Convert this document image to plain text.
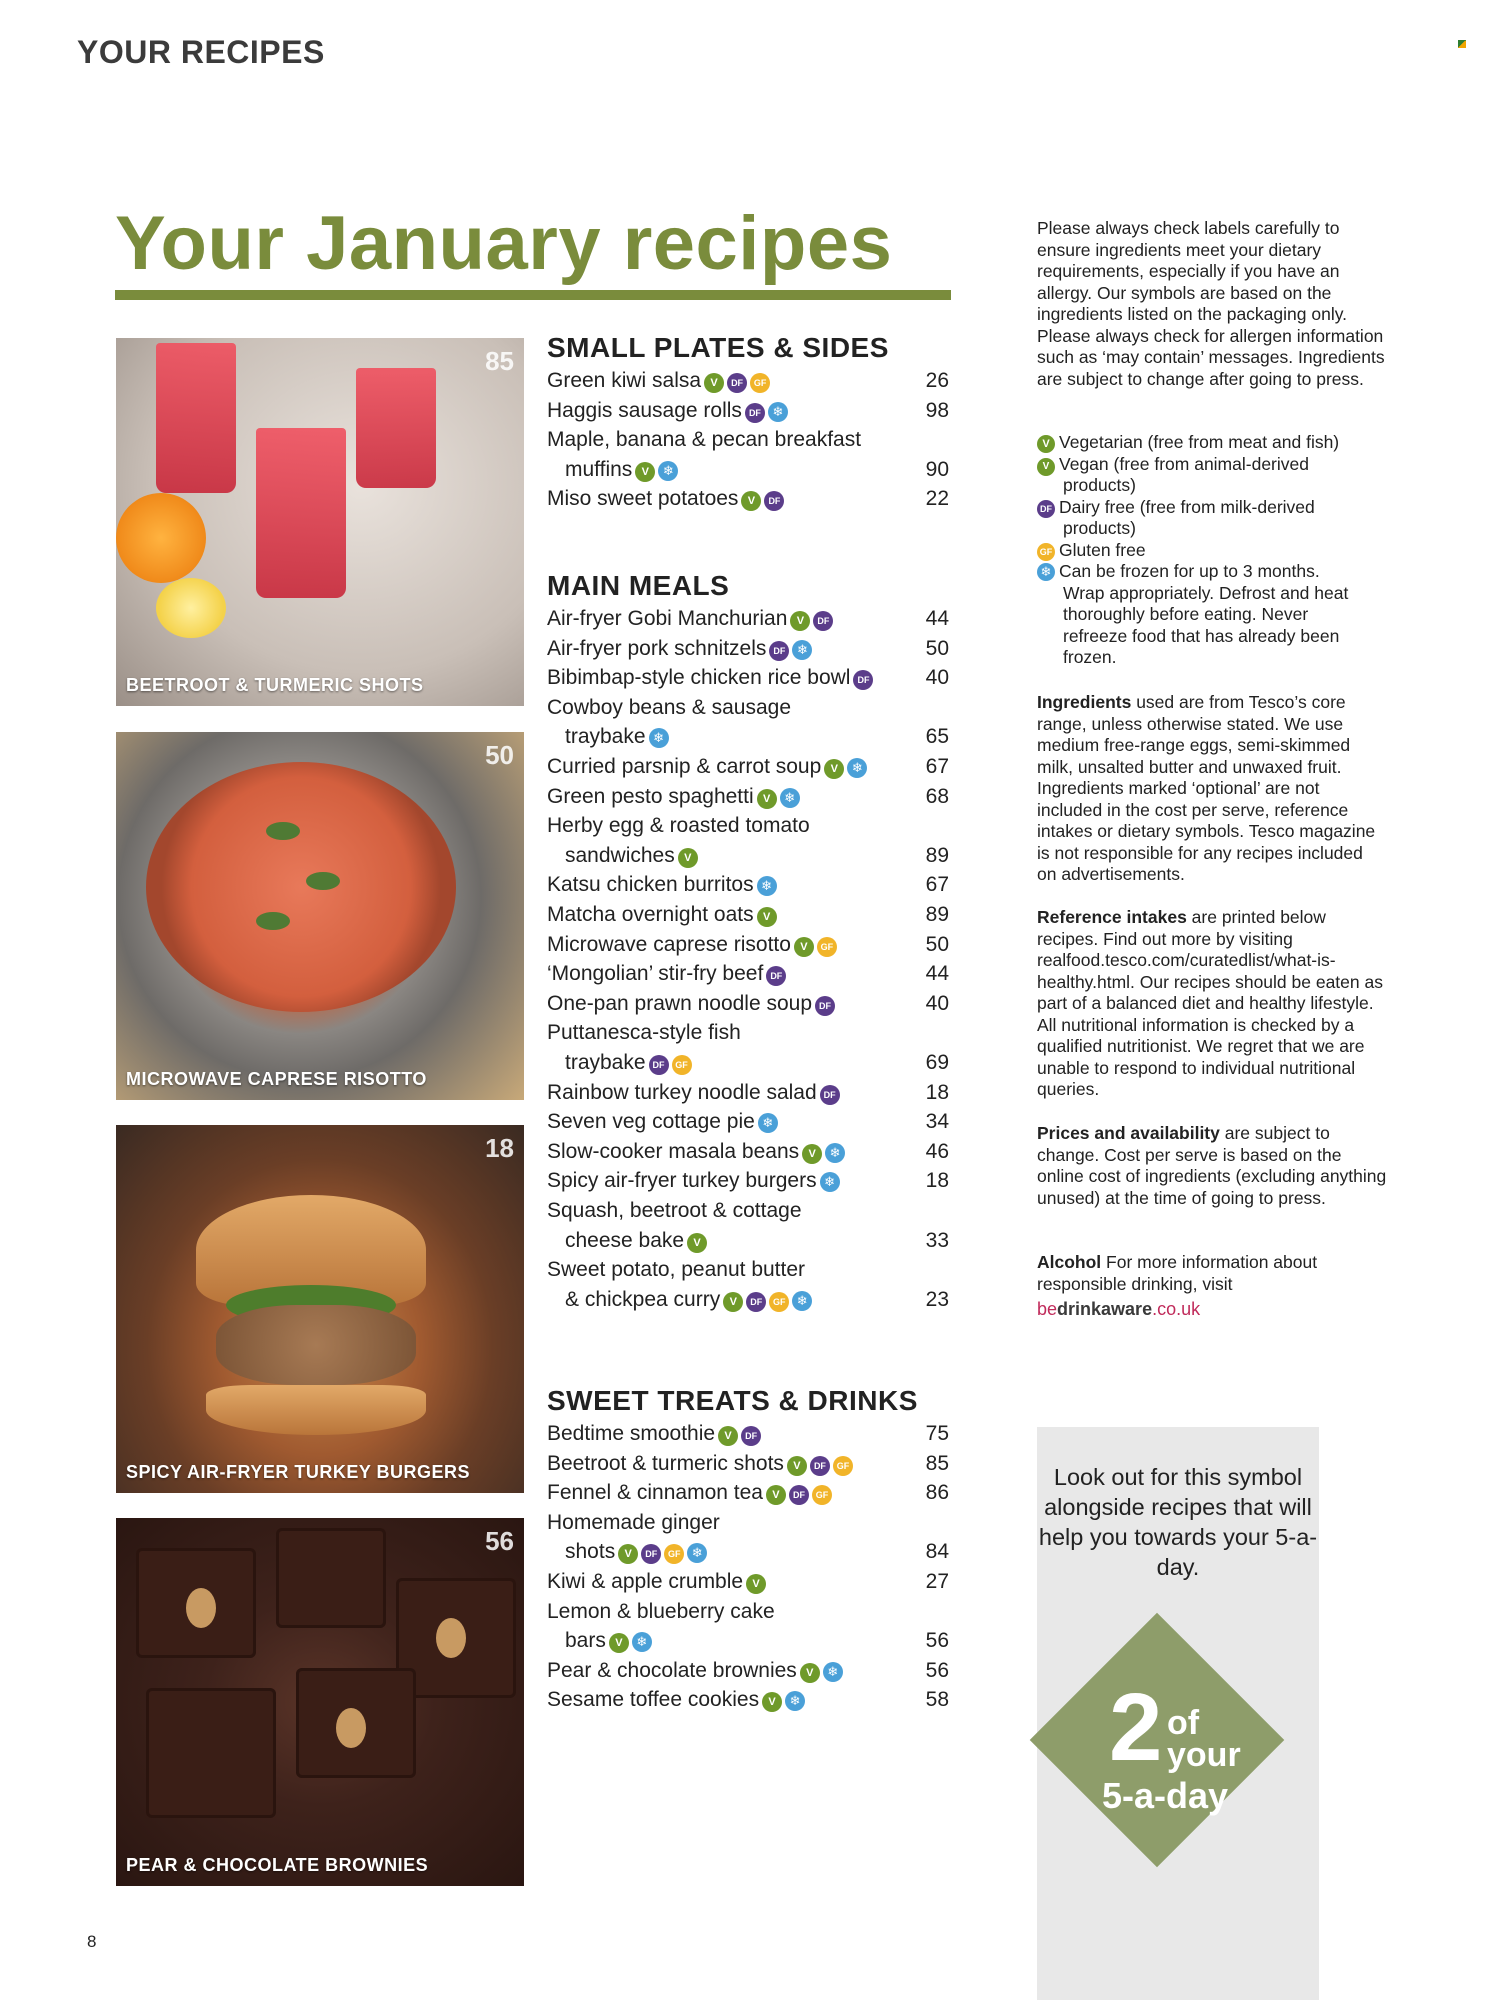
YOUR RECIPES
Your January recipes
85
BEETROOT & TURMERIC SHOTS
50
MICROWAVE CAPRESE RISOTTO
18
SPICY AIR-FRYER TURKEY BURGERS
56
PEAR & CHOCOLATE BROWNIES
SMALL PLATES & SIDES
Green kiwi salsa V DF GF	26
Haggis sausage rolls DF ❄	98
Maple, banana & pecan breakfast
muffins V ❄	90
Miso sweet potatoes V DF	22
MAIN MEALS
Air-fryer Gobi Manchurian V DF	44
Air-fryer pork schnitzels DF ❄	50
Bibimbap-style chicken rice bowl DF	40
Cowboy beans & sausage
traybake ❄	65
Curried parsnip & carrot soup V ❄	67
Green pesto spaghetti V ❄	68
Herby egg & roasted tomato
sandwiches V	89
Katsu chicken burritos ❄	67
Matcha overnight oats V	89
Microwave caprese risotto V GF	50
‘Mongolian’ stir-fry beef DF	44
One-pan prawn noodle soup DF	40
Puttanesca-style fish
traybake DF GF	69
Rainbow turkey noodle salad DF	18
Seven veg cottage pie ❄	34
Slow-cooker masala beans V ❄	46
Spicy air-fryer turkey burgers ❄	18
Squash, beetroot & cottage
cheese bake V	33
Sweet potato, peanut butter
& chickpea curry V DF GF ❄	23
SWEET TREATS & DRINKS
Bedtime smoothie V DF	75
Beetroot & turmeric shots V DF GF	85
Fennel & cinnamon tea V DF GF	86
Homemade ginger
shots V DF GF ❄	84
Kiwi & apple crumble V	27
Lemon & blueberry cake
bars V ❄	56
Pear & chocolate brownies V ❄	56
Sesame toffee cookies V ❄	58
Please always check labels carefully to ensure ingredients meet your dietary requirements, especially if you have an allergy. Our symbols are based on the ingredients listed on the packaging only. Please always check for allergen information such as ‘may contain’ messages. Ingredients are subject to change after going to press.
V Vegetarian (free from meat and fish)
V Vegan (free from animal-derived
products)
DF Dairy free (free from milk-derived
products)
GF Gluten free
❄ Can be frozen for up to 3 months.
Wrap appropriately. Defrost and heat thoroughly before eating. Never refreeze food that has already been frozen.
Ingredients used are from Tesco’s core range, unless otherwise stated. We use medium free-range eggs, semi-skimmed milk, unsalted butter and unwaxed fruit. Ingredients marked ‘optional’ are not included in the cost per serve, reference intakes or dietary symbols. Tesco magazine is not responsible for any recipes included on advertisements.
Reference intakes are printed below recipes. Find out more by visiting realfood.tesco.com/curatedlist/what-is-healthy.html. Our recipes should be eaten as part of a balanced diet and healthy lifestyle. All nutritional information is checked by a qualified nutritionist. We regret that we are unable to respond to individual nutritional queries.
Prices and availability are subject to change. Cost per serve is based on the online cost of ingredients (excluding anything unused) at the time of going to press.
Alcohol For more information about responsible drinking, visit
bedrinkaware.co.uk
Look out for this symbol alongside recipes that will help you towards your 5-a-day.
2 of
your
5-a-day
8
